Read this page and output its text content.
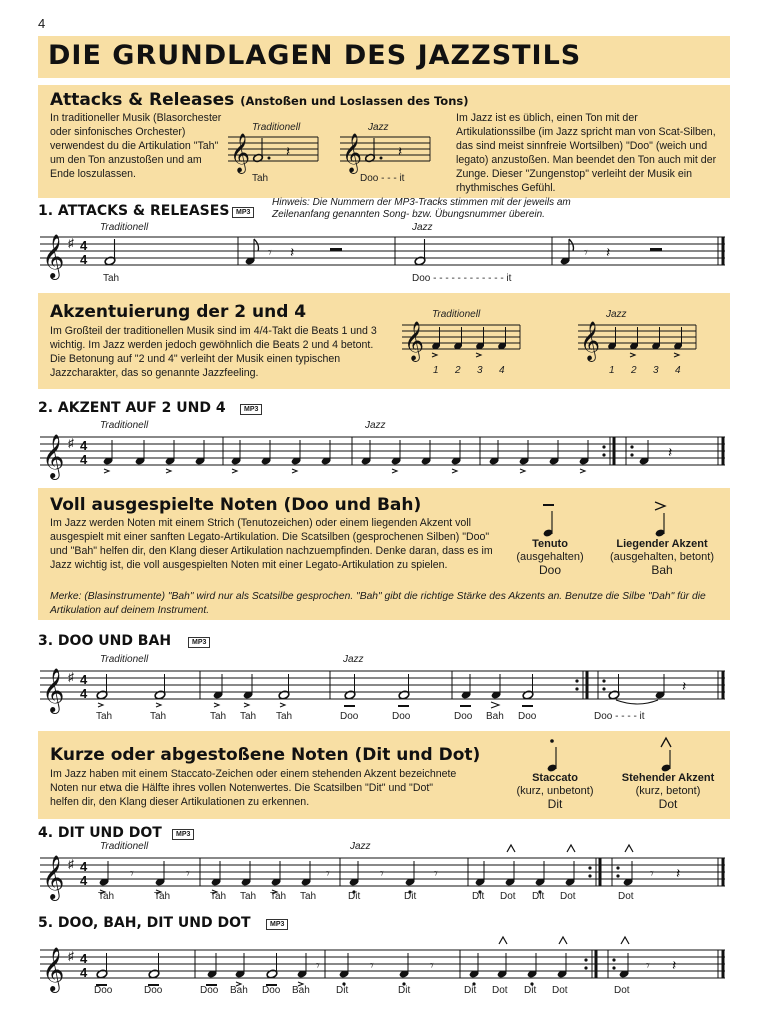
4
DIE GRUNDLAGEN DES JAZZSTILS
Attacks & Releases (Anstoßen und Loslassen des Tons)
In traditioneller Musik (Blasorchester oder sinfonisches Orchester) verwendest du die Artikulation "Tah" um den Ton anzustoßen und am Ende loszulassen.
Traditionell	Jazz
𝄞	𝄽
Tah
𝄞	𝄽
Doo - - - it
Im Jazz ist es üblich, einen Ton mit der Artikulationssilbe (im Jazz spricht man von Scat-Silben, das sind meist sinnfreie Wortsilben) "Doo" (weich und legato) anzustoßen. Man beendet den Ton auch mit der Zunge. Dieser "Zungenstop" verleiht der Musik ein rhythmisches Gefühl.
1. ATTACKS & RELEASES MP3
Hinweis: Die Nummern der MP3-Tracks stimmen mit der jeweils am Zeilenanfang genannten Song- bzw. Übungsnummer überein.
Traditionell	Jazz
𝄞 ♯ 4
4	𝄾 𝄽	𝄾 𝄽
Tah	Doo - - - - - - - - - - - - it
Akzentuierung der 2 und 4
Im Großteil der traditionellen Musik sind im 4/4-Takt die Beats 1 und 3 wichtig. Im Jazz werden jedoch gewöhnlich die Beats 2 und 4 betont. Die Betonung auf "2 und 4" verleiht der Musik einen typischen Jazzcharakter, das so genannte Jazzfeeling.
Traditionell	Jazz
𝄞
1 2 3 4
𝄞
1 2 3 4
2. AKZENT AUF 2 UND 4	MP3
Traditionell	Jazz
𝄞 ♯ 4
4	𝄽
Voll ausgespielte Noten (Doo und Bah)
Im Jazz werden Noten mit einem Strich (Tenutozeichen) oder einem liegenden Akzent voll ausgespielt mit einer sanften Legato-Artikulation. Die Scatsilben (gesprochenen Silben) "Doo" und "Bah" helfen dir, den Klang dieser Artikulation nachzuempfinden. Denke daran, dass es im Jazz wichtig ist, die voll ausgespielten Noten mit einer Legato-Artikulation zu spielen.
Tenuto
(ausgehalten)
Doo
Liegender Akzent
(ausgehalten, betont)
Bah
Merke: (Blasinstrumente) "Bah" wird nur als Scatsilbe gesprochen. "Bah" gibt die richtige Stärke des Akzents an. Benutze die Silbe "Dah" für die Artikulation auf deinem Instrument.
3. DOO UND BAH	MP3
Traditionell	Jazz
𝄞 ♯ 4
4	𝄽
Tah	Tah	Tah Tah Tah	Doo	Doo	Doo Bah Doo	Doo - - - - it
Kurze oder abgestoßene Noten (Dit und Dot)
Im Jazz haben mit einem Staccato-Zeichen oder einem stehenden Akzent bezeichnete Noten nur etwa die Hälfte ihres vollen Notenwertes. Die Scatsilben "Dit" und "Dot" helfen dir, den Klang dieser Artikulationen zu erkennen.
Staccato
(kurz, unbetont)
Dit
Stehender Akzent
(kurz, betont)
Dot
4. DIT UND DOT	MP3
Traditionell	Jazz
𝄞 ♯ 4
4	𝄾	𝄾	𝄾	𝄾	𝄾	𝄾 𝄽
Tah	Tah	Tah Tah Tah Tah	Dit	Dit	Dit Dot Dit Dot	Dot
5. DOO, BAH, DIT UND DOT	MP3
𝄞 ♯ 4
4	𝄾	𝄾	𝄾	𝄾 𝄽
Doo	Doo	Doo Bah Doo Bah	Dit	Dit	Dit Dot Dit Dot	Dot
